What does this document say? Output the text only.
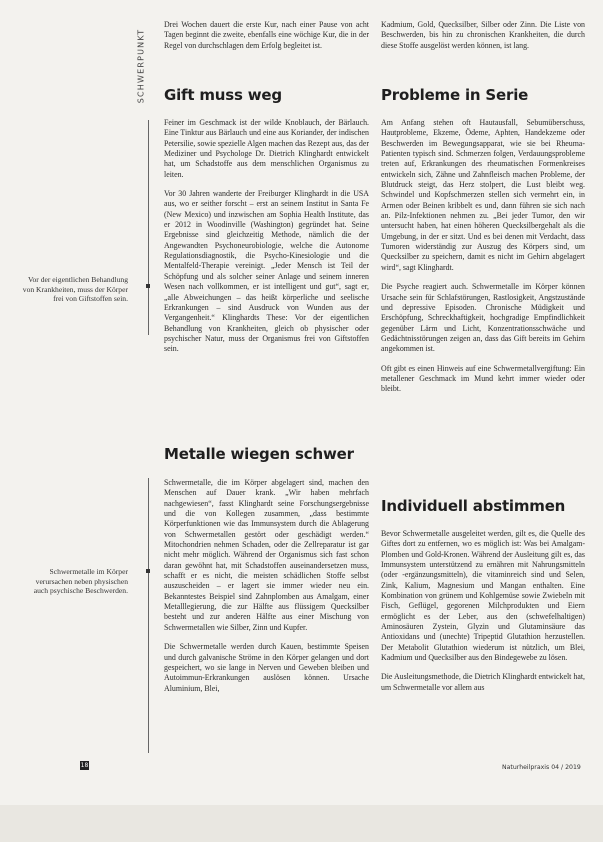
SCHWERPUNKT
Vor der eigentlichen Behandlung von Krankheiten, muss der Körper frei von Giftstoffen sein.
Schwermetalle im Körper verursachen neben physischen auch psychische Beschwerden.

Drei Wochen dauert die erste Kur, nach einer Pause von acht Tagen beginnt die zweite, ebenfalls eine wöchige Kur, die in der Regel von durchschlagen dem Erfolg begleitet ist.

Gift muss weg

Feiner im Geschmack ist der wilde Knoblauch, der Bärlauch. Eine Tinktur aus Bärlauch und eine aus Koriander, der indischen Petersilie, sowie spezielle Algen machen das Rezept aus, das der Mediziner und Psychologe Dr. Dietrich Klinghardt entwickelt hat, um Schadstoffe aus dem menschlichen Organismus zu leiten.

Vor 30 Jahren wanderte der Freiburger Klinghardt in die USA aus, wo er seither forscht – erst an seinem Institut in Santa Fe (New Mexico) und inzwischen am Sophia Health Institute, das er 2012 in Woodinville (Washington) gegründet hat. Seine Ergebnisse sind gleichzeitig Methode, nämlich die der Angewandten Psychoneurobiologie, welche die Autonome Regulationsdiagnostik, die Psycho-Kinesiologie und die Mentalfeld-Therapie vereinigt. „Jeder Mensch ist Teil der Schöpfung und als solcher seiner Anlage und seinem inneren Wesen nach vollkommen, er ist intelligent und gut“, sagt er, „alle Abweichungen – das heißt körperliche und seelische Erkrankungen – sind Ausdruck von Wunden aus der Vergangenheit.“ Klinghardts These: Vor der eigentlichen Behandlung von Krankheiten, gleich ob physischer oder psychischer Natur, muss der Organismus frei von Giftstoffen sein.

Metalle wiegen schwer

Schwermetalle, die im Körper abgelagert sind, machen den Menschen auf Dauer krank. „Wir haben mehrfach nachgewiesen“, fasst Klinghardt seine Forschungsergebnisse und die von Kollegen zusammen, „dass bestimmte Körperfunktionen wie das Immunsystem durch die Ablagerung von Schwermetallen gestört oder geschädigt werden.“ Mitochondrien nehmen Schaden, oder die Zellreparatur ist gar nicht mehr möglich. Während der Organismus sich fast schon daran gewöhnt hat, mit Schadstoffen auseinandersetzen muss, schafft er es nicht, die meisten schädlichen Stoffe selbst auszuscheiden – er lagert sie immer wieder neu ein. Bekanntestes Beispiel sind Zahnplomben aus Amalgam, einer Metalllegierung, die zur Hälfte aus flüssigem Quecksilber besteht und zur anderen Hälfte aus einer Mischung von Schwermetallen wie Silber, Zinn und Kupfer.

Die Schwermetalle werden durch Kauen, bestimmte Speisen und durch galvanische Ströme in den Körper gelangen und dort gespeichert, wo sie lange in Nerven und Geweben bleiben und Autoimmun-Erkrankungen auslösen können. Ursache Aluminium, Blei,

Kadmium, Gold, Quecksilber, Silber oder Zinn. Die Liste von Beschwerden, bis hin zu chronischen Krankheiten, die durch diese Stoffe ausgelöst werden können, ist lang.

Probleme in Serie

Am Anfang stehen oft Hautausfall, Sebumüberschuss, Hautprobleme, Ekzeme, Ödeme, Aphten, Handekzeme oder Beschwerden im Bewegungsapparat, wie sie bei Rheuma-Patienten typisch sind. Schmerzen folgen, Verdauungsprobleme treten auf, Erkrankungen des rheumatischen Formenkreises entwickeln sich, Zähne und Zahnfleisch machen Probleme, der Blutdruck steigt, das Herz stolpert, die Lust bleibt weg. Schwindel und Kopfschmerzen stellen sich vermehrt ein, in Armen oder Beinen kribbelt es und, dann führen sie sich nach an. Pilz-Infektionen nehmen zu. „Bei jeder Tumor, den wir untersucht haben, hat einen höheren Quecksilbergehalt als die Umgebung, in der er sitzt. Und es bei denen mit Verdacht, dass Tumoren widerständig zur Auszug des Körpers sind, um Quecksilber zu speichern, damit es nicht im Gehirn abgelagert wird“, sagt Klinghardt.

Die Psyche reagiert auch. Schwermetalle im Körper können Ursache sein für Schlafstörungen, Rastlosigkeit, Angstzustände und depressive Episoden. Chronische Müdigkeit und Erschöpfung, Schreckhaftigkeit, hochgradige Empfindlichkeit gegenüber Lärm und Licht, Konzentrationsschwäche und Gedächtnisstörungen zeigen an, dass das Gift bereits im Gehirn angekommen ist.

Oft gibt es einen Hinweis auf eine Schwermetallvergiftung: Ein metallener Geschmack im Mund kehrt immer wieder oder bleibt.

Individuell abstimmen

Bevor Schwermetalle ausgeleitet werden, gilt es, die Quelle des Giftes dort zu entfernen, wo es möglich ist: Was bei Amalgam-Plomben und Gold-Kronen. Während der Ausleitung gilt es, das Immunsystem unterstützend zu ernähren mit Nahrungsmitteln (oder -ergänzungsmitteln), die vitaminreich sind und Selen, Zink, Kalium, Magnesium und Mangan enthalten. Eine Kombination von grünem und Kohlgemüse sowie Zwiebeln mit Fisch, Geflügel, gegorenen Milchprodukten und Eiern ermöglicht es der Leber, aus den (schwefelhaltigen) Aminosäuren Zystein, Glyzin und Glutaminsäure das Antioxidans und (unechte) Tripeptid Glutathion herzustellen. Der Metabolit Glutathion wiederum ist nützlich, um Blei, Kadmium und Quecksilber aus den Bindegewebe zu lösen.

Die Ausleitungsmethode, die Dietrich Klinghardt entwickelt hat, um Schwermetalle vor allem aus

18	Naturheilpraxis 04 / 2019
